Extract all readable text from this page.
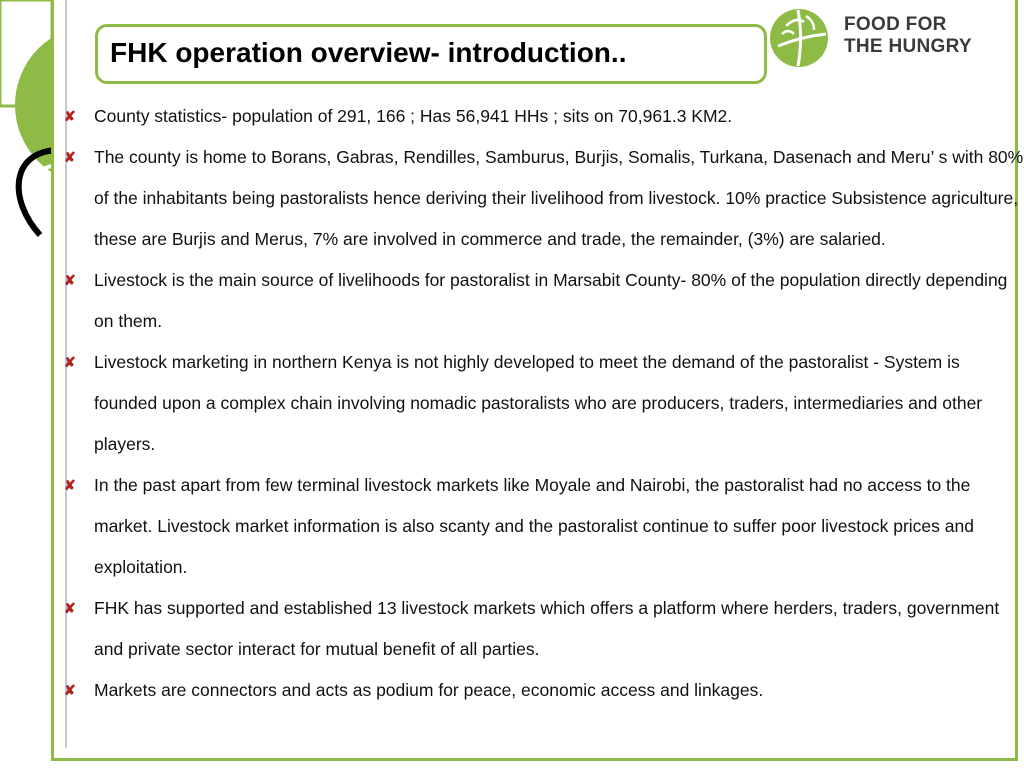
FHK operation overview- introduction..
FOOD FOR
THE HUNGRY
✘	County statistics- population of 291, 166 ; Has 56,941 HHs ; sits on 70,961.3 KM2.
✘	The county is home to Borans, Gabras, Rendilles, Samburus, Burjis, Somalis, Turkana, Dasenach and Meru’ s with 80% of the inhabitants being pastoralists hence deriving their livelihood from livestock. 10% practice Subsistence agriculture, these are Burjis and Merus, 7% are involved in commerce and trade, the remainder, (3%) are salaried.
✘	Livestock is the main source of livelihoods for pastoralist in Marsabit County- 80% of the population directly depending on them.
✘	Livestock marketing in northern Kenya is not highly developed to meet the demand of the pastoralist - System is founded upon a complex chain involving nomadic pastoralists who are producers, traders, intermediaries and other players.
✘	In the past apart from few terminal livestock markets like Moyale and Nairobi, the pastoralist had no access to the market. Livestock market information is also scanty and the pastoralist continue to suffer poor livestock prices and exploitation.
✘	FHK has supported and established 13 livestock markets which offers a platform where herders, traders, government and private sector interact for mutual benefit of all parties.
✘	Markets are connectors and acts as podium for peace, economic access and linkages.
